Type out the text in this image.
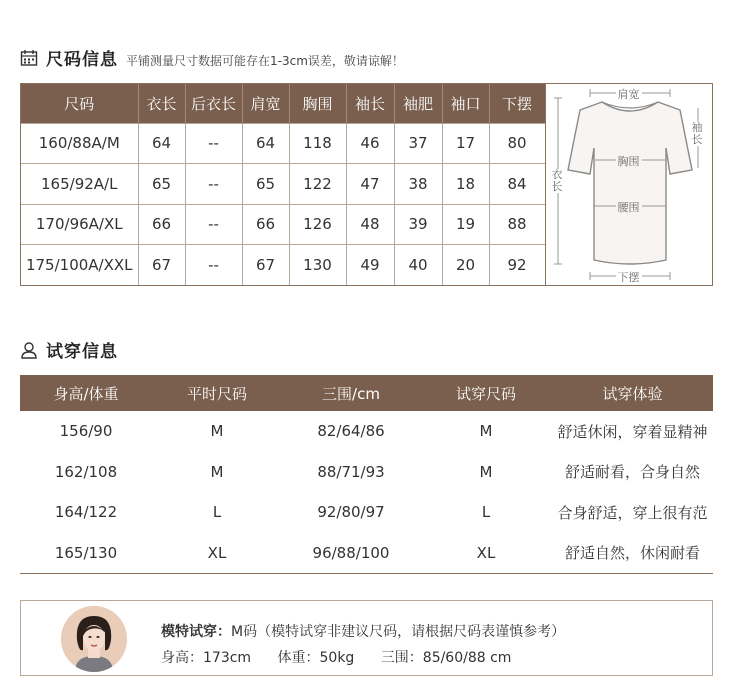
尺码信息 平铺测量尺寸数据可能存在1-3cm误差，敬请谅解！
尺码	衣长	后衣长	肩宽	胸围	袖长	袖肥	袖口	下摆
160/88A/M	64	--	64	118	46	37	17	80
165/92A/L	65	--	65	122	47	38	18	84
170/96A/XL	66	--	66	126	48	39	19	88
175/100A/XXL	67	--	67	130	49	40	20	92
肩宽
袖长
衣长
胸围
腰围
下摆
试穿信息
身高/体重	平时尺码	三围/cm	试穿尺码	试穿体验
156/90	M	82/64/86	M	舒适休闲，穿着显精神
162/108	M	88/71/93	M	舒适耐看，合身自然
164/122	L	92/80/97	L	合身舒适，穿上很有范
165/130	XL	96/88/100	XL	舒适自然，休闲耐看
模特试穿：M码（模特试穿非建议尺码，请根据尺码表谨慎参考）
身高：173cm 体重：50kg 三围：85/60/88 cm
